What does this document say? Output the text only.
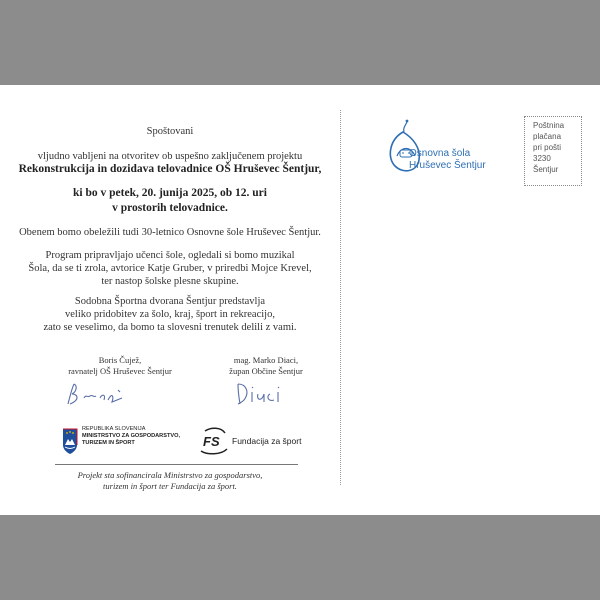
Spoštovani
vljudno vabljeni na otvoritev ob uspešno zaključenem projektu
Rekonstrukcija in dozidava telovadnice OŠ Hruševec Šentjur,
ki bo v petek, 20. junija 2025, ob 12. uri
v prostorih telovadnice.
Obenem bomo obeležili tudi 30-letnico Osnovne šole Hruševec Šentjur.
Program pripravljajo učenci šole, ogledali si bomo muzikal
Šola, da se ti zrola, avtorice Katje Gruber, v priredbi Mojce Krevel,
ter nastop šolske plesne skupine.
Sodobna Športna dvorana Šentjur predstavlja
veliko pridobitev za šolo, kraj, šport in rekreacijo,
zato se veselimo, da bomo ta slovesni trenutek delili z vami.
Boris Čujež,
ravnatelj OŠ Hruševec Šentjur
mag. Marko Diaci,
župan Občine Šentjur
REPUBLIKA SLOVENIJA
MINISTRSTVO ZA GOSPODARSTVO,
TURIZEM IN ŠPORT	FS Fundacija za šport
Projekt sta sofinancirala Ministrstvo za gospodarstvo,
turizem in šport ter Fundacija za šport.
Osnovna šola
Hruševec Šentjur
Poštnina
plačana
pri pošti
3230
Šentjur
